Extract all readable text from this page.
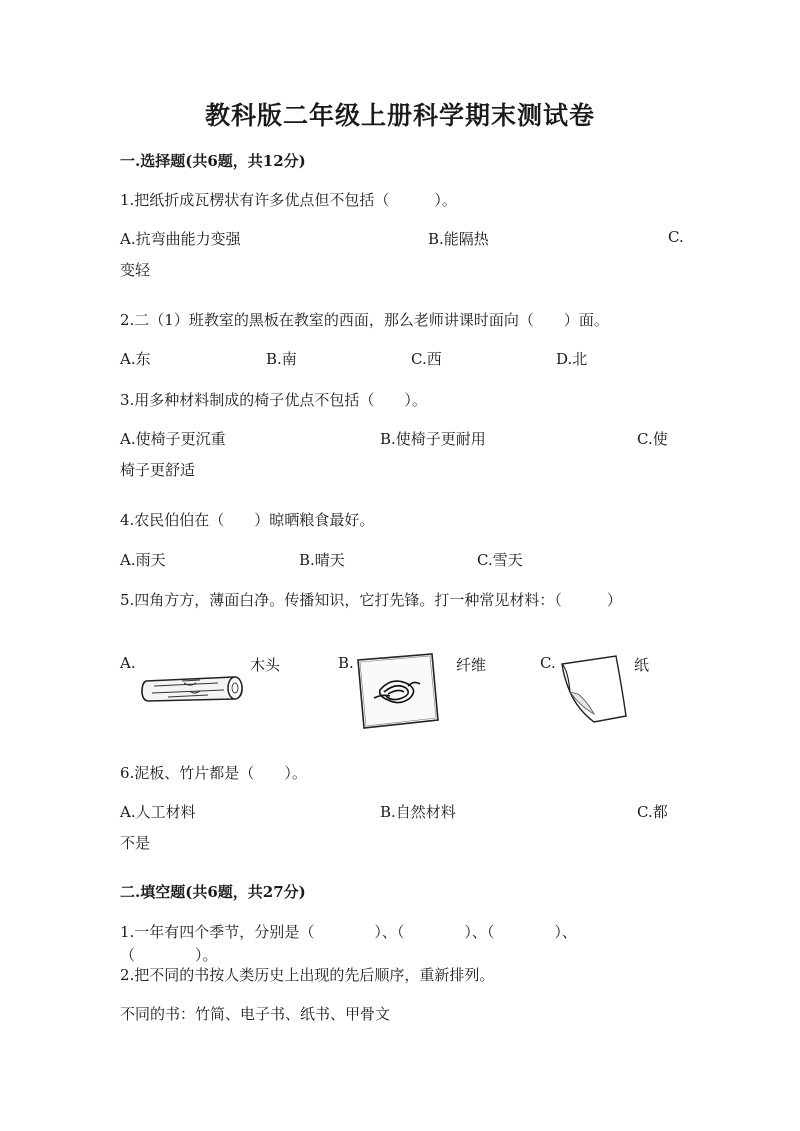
教科版二年级上册科学期末测试卷
一.选择题(共6题，共12分)
1.把纸折成瓦楞状有许多优点但不包括（　　　）。
A.抗弯曲能力变强	B.能隔热	C.
变轻
2.二（1）班教室的黑板在教室的西面，那么老师讲课时面向（　　）面。
A.东	B.南	C.西	D.北
3.用多种材料制成的椅子优点不包括（　　）。
A.使椅子更沉重	B.使椅子更耐用	C.使
椅子更舒适
4.农民伯伯在（　　）晾晒粮食最好。
A.雨天	B.晴天	C.雪天
5.四角方方，薄面白净。传播知识，它打先锋。打一种常见材料：（　　　）
A.	木头	B.	纤维	C.	纸
6.泥板、竹片都是（　　）。
A.人工材料	B.自然材料	C.都
不是
二.填空题(共6题，共27分)
1.一年有四个季节，分别是（　　　　）、（　　　　）、（　　　　）、
（　　　　）。
2.把不同的书按人类历史上出现的先后顺序，重新排列。
不同的书：竹简、电子书、纸书、甲骨文
